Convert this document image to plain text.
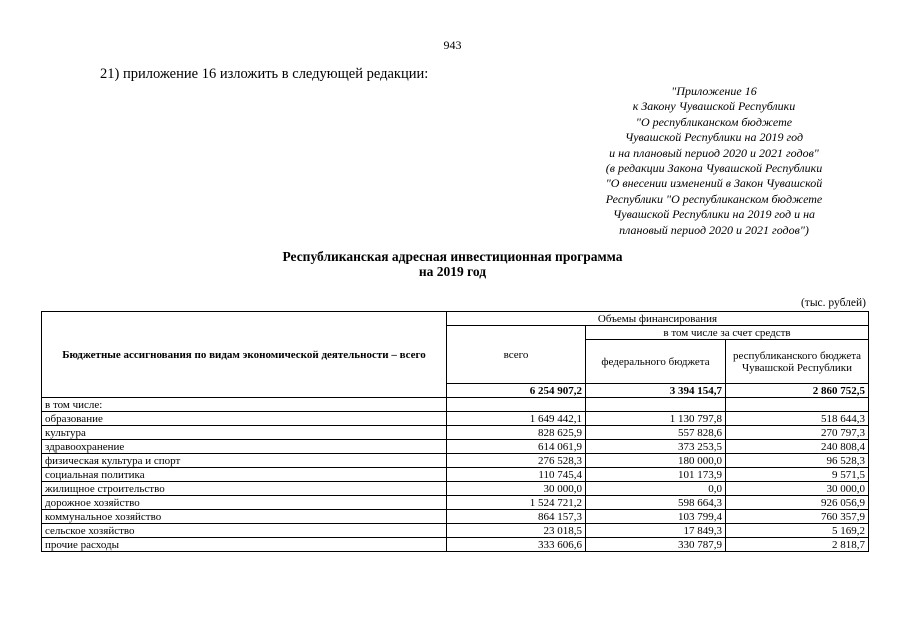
943
21) приложение 16 изложить в следующей редакции:
"Приложение 16
к Закону Чувашской Республики
"О республиканском бюджете
Чувашской Республики на 2019 год
и на плановый период 2020 и 2021 годов"
(в редакции Закона Чувашской Республики
"О внесении изменений в Закон Чувашской
Республики "О республиканском бюджете
Чувашской Республики на 2019 год и на
плановый период 2020 и 2021 годов")
Республиканская адресная инвестиционная программа
на 2019 год
(тыс. рублей)
Бюджетные ассигнования по видам экономической деятельности – всего	Объемы финансирования		
	всего	в том числе за счет средств	
		федерального бюджета	республиканского бюджета Чувашской Республики
	6 254 907,2	3 394 154,7	2 860 752,5
в том числе:			
образование	1 649 442,1	1 130 797,8	518 644,3
культура	828 625,9	557 828,6	270 797,3
здравоохранение	614 061,9	373 253,5	240 808,4
физическая культура и спорт	276 528,3	180 000,0	96 528,3
социальная политика	110 745,4	101 173,9	9 571,5
жилищное строительство	30 000,0	0,0	30 000,0
дорожное хозяйство	1 524 721,2	598 664,3	926 056,9
коммунальное хозяйство	864 157,3	103 799,4	760 357,9
сельское хозяйство	23 018,5	17 849,3	5 169,2
прочие расходы	333 606,6	330 787,9	2 818,7
